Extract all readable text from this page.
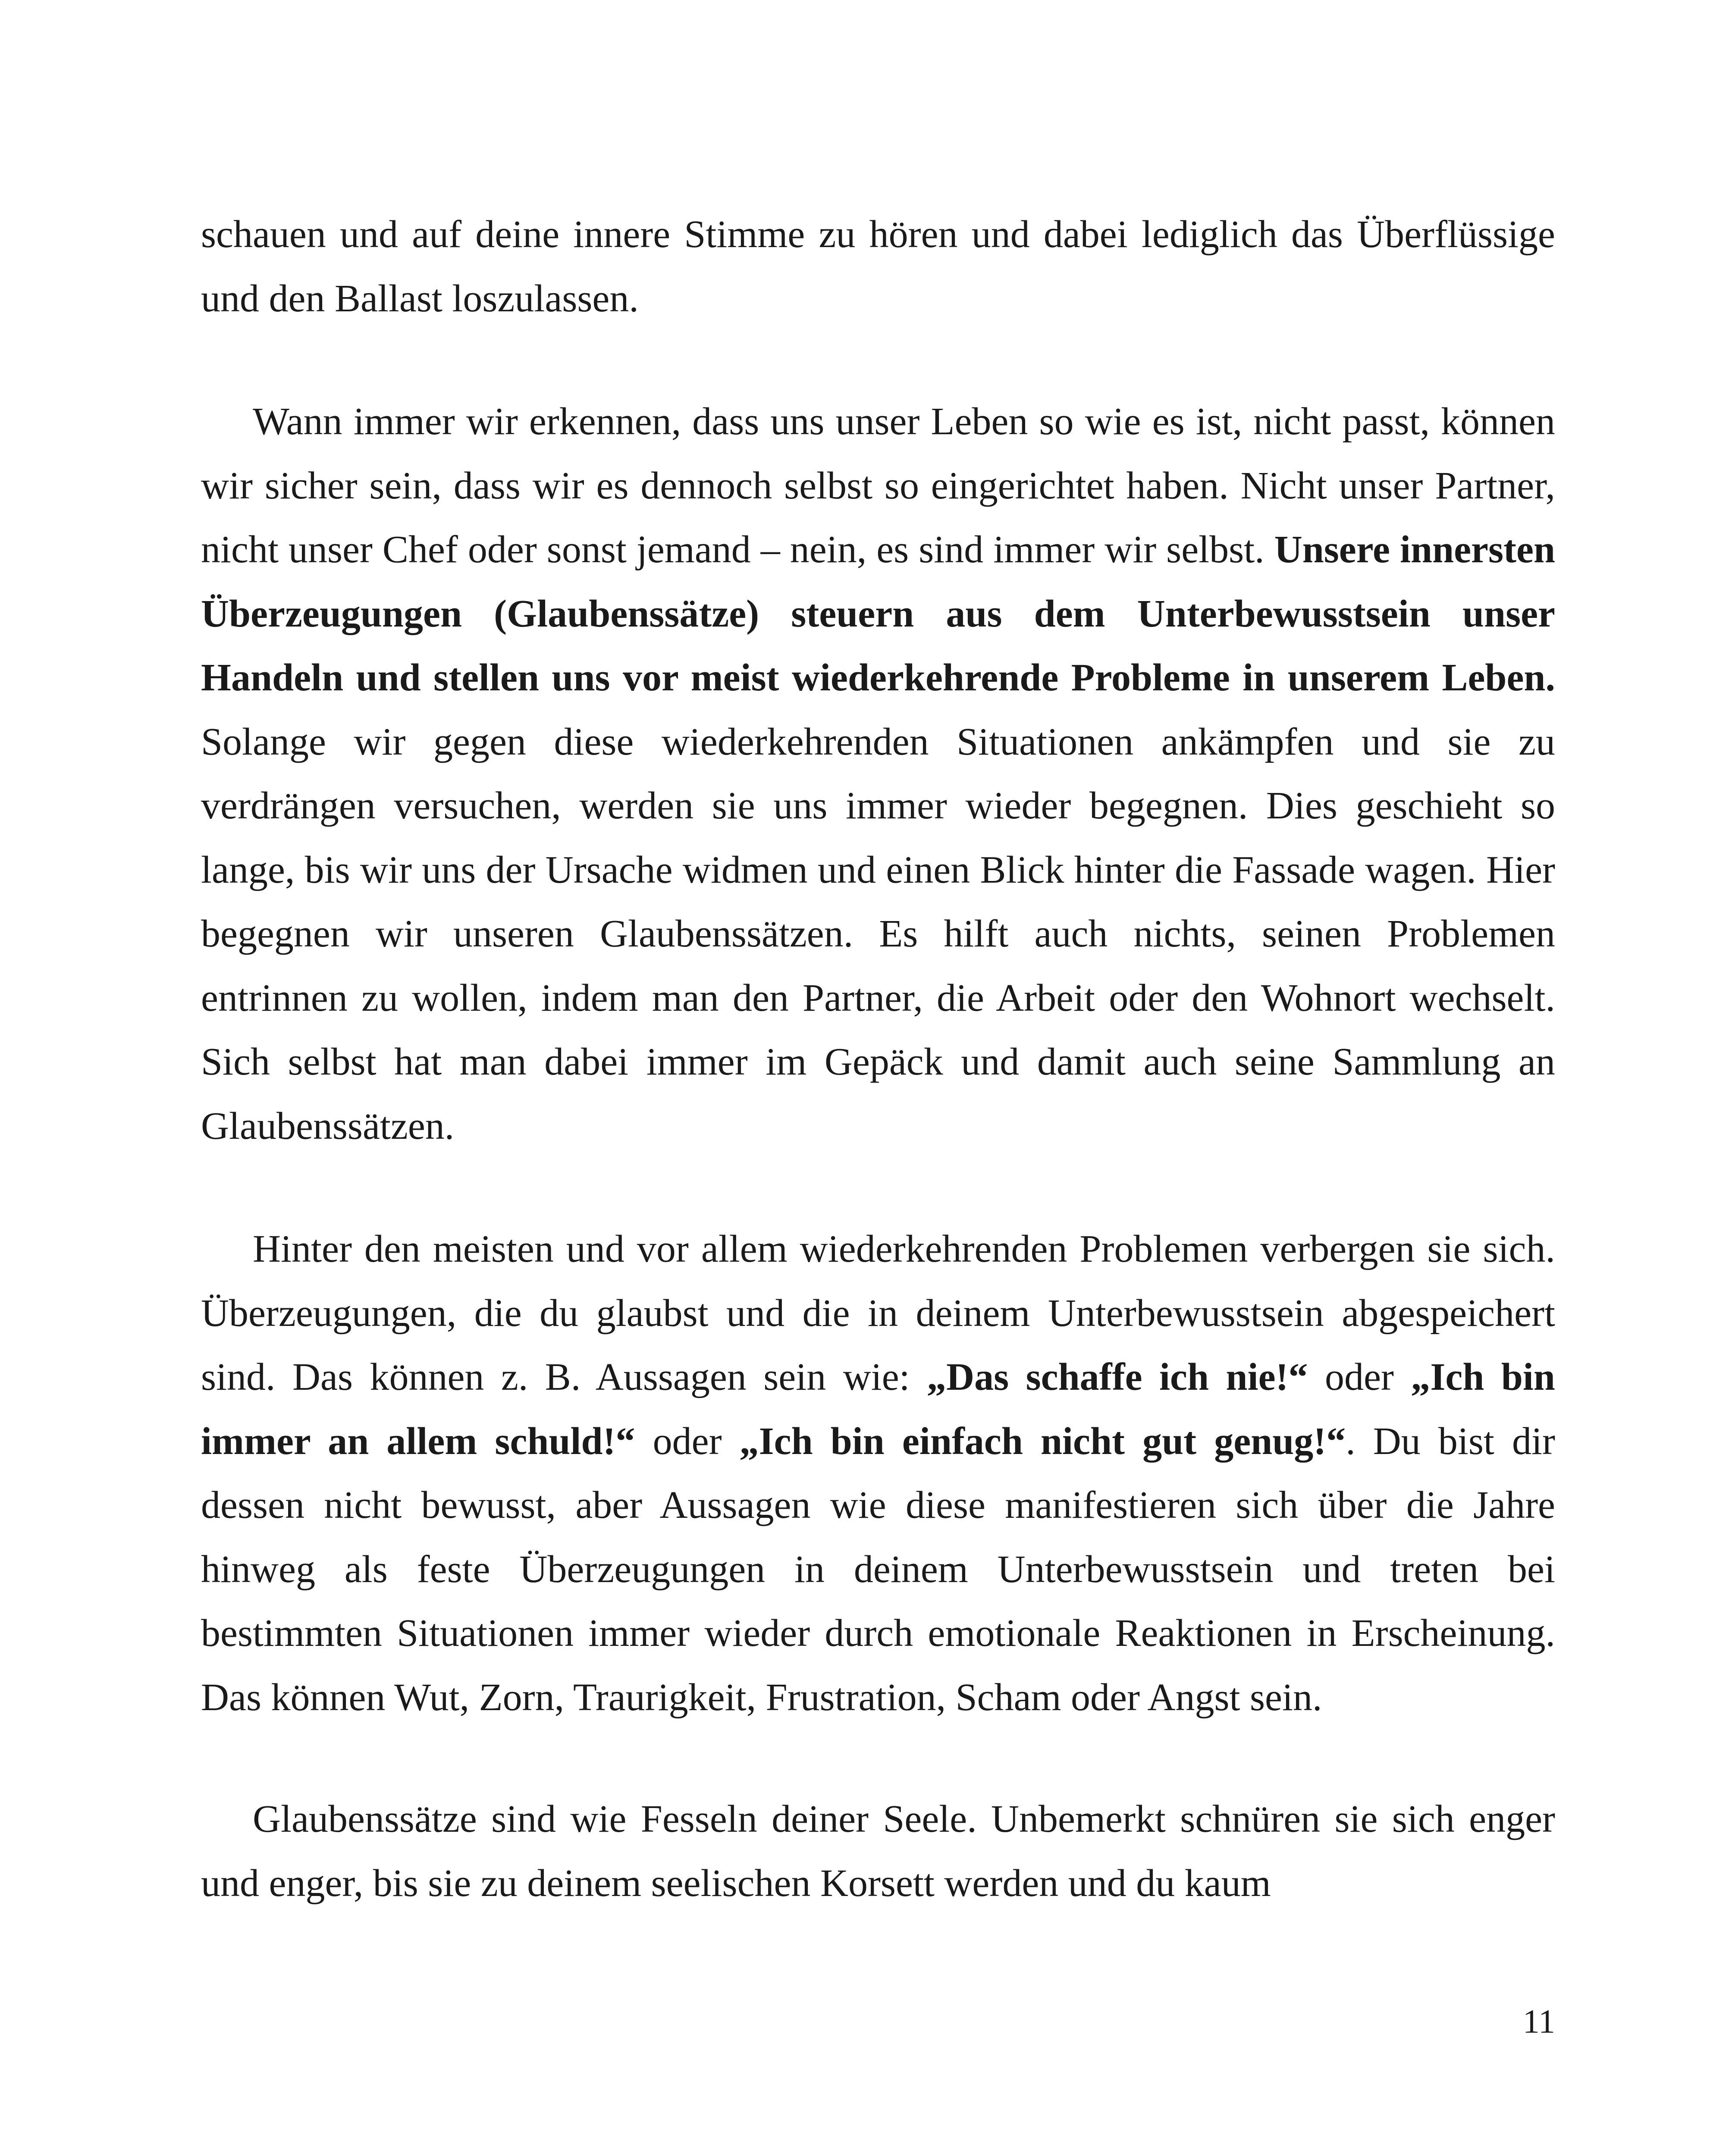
schauen und auf deine innere Stimme zu hören und dabei lediglich das Überflüssige und den Ballast loszulassen.

Wann immer wir erkennen, dass uns unser Leben so wie es ist, nicht passt, können wir sicher sein, dass wir es dennoch selbst so eingerichtet haben. Nicht unser Partner, nicht unser Chef oder sonst jemand – nein, es sind immer wir selbst. Unsere innersten Überzeugungen (Glaubenssätze) steuern aus dem Unterbewusstsein unser Handeln und stellen uns vor meist wiederkehrende Probleme in unserem Leben. Solange wir gegen diese wiederkehrenden Situationen ankämpfen und sie zu verdrängen versuchen, werden sie uns immer wieder begegnen. Dies geschieht so lange, bis wir uns der Ursache widmen und einen Blick hinter die Fassade wagen. Hier begegnen wir unseren Glaubenssätzen. Es hilft auch nichts, seinen Problemen entrinnen zu wollen, indem man den Partner, die Arbeit oder den Wohnort wechselt. Sich selbst hat man dabei immer im Gepäck und damit auch seine Sammlung an Glaubenssätzen.

Hinter den meisten und vor allem wiederkehrenden Problemen verbergen sie sich. Überzeugungen, die du glaubst und die in deinem Unterbewusstsein abgespeichert sind. Das können z. B. Aussagen sein wie: „Das schaffe ich nie!“ oder „Ich bin immer an allem schuld!“ oder „Ich bin einfach nicht gut genug!“. Du bist dir dessen nicht bewusst, aber Aussagen wie diese manifestieren sich über die Jahre hinweg als feste Überzeugungen in deinem Unterbewusstsein und treten bei bestimmten Situationen immer wieder durch emotionale Reaktionen in Erscheinung. Das können Wut, Zorn, Traurigkeit, Frustration, Scham oder Angst sein.

Glaubenssätze sind wie Fesseln deiner Seele. Unbemerkt schnüren sie sich enger und enger, bis sie zu deinem seelischen Korsett werden und du kaum

11
